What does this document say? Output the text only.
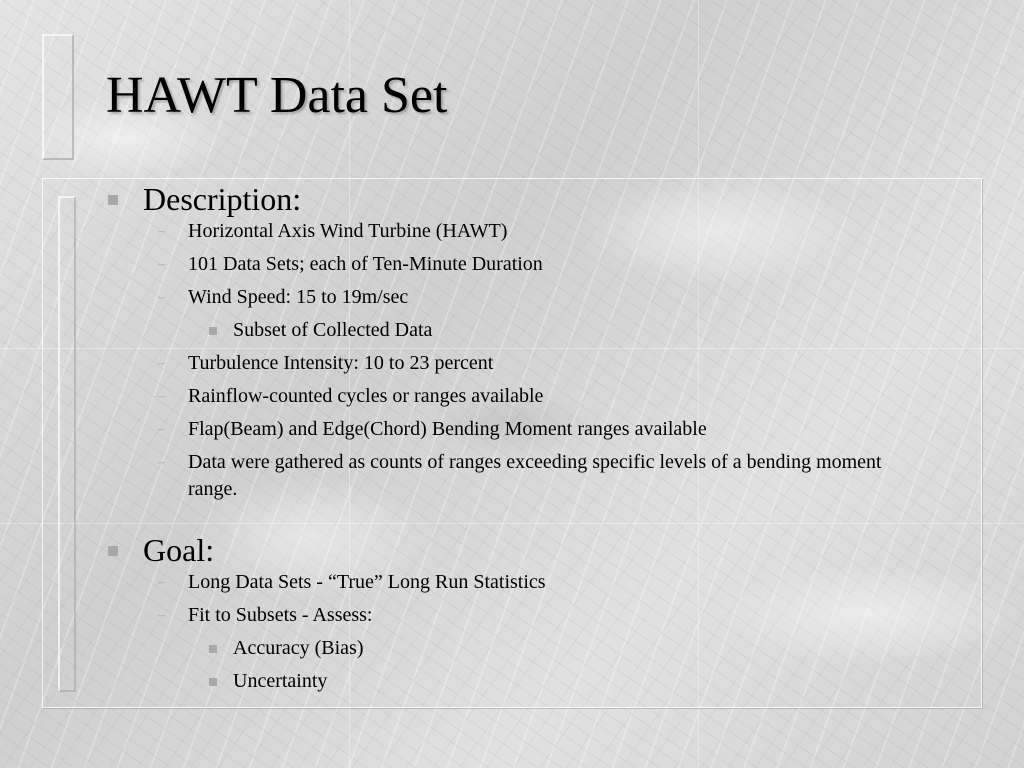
HAWT Data Set
Description:
– Horizontal Axis Wind Turbine (HAWT)
– 101 Data Sets; each of Ten-Minute Duration
– Wind Speed: 15 to 19m/sec
Subset of Collected Data
– Turbulence Intensity: 10 to 23 percent
– Rainflow-counted cycles or ranges available
– Flap(Beam) and Edge(Chord) Bending Moment ranges available
– Data were gathered as counts of ranges exceeding specific levels of a bending moment range.
Goal:
– Long Data Sets - “True” Long Run Statistics
– Fit to Subsets - Assess:
Accuracy (Bias)
Uncertainty
